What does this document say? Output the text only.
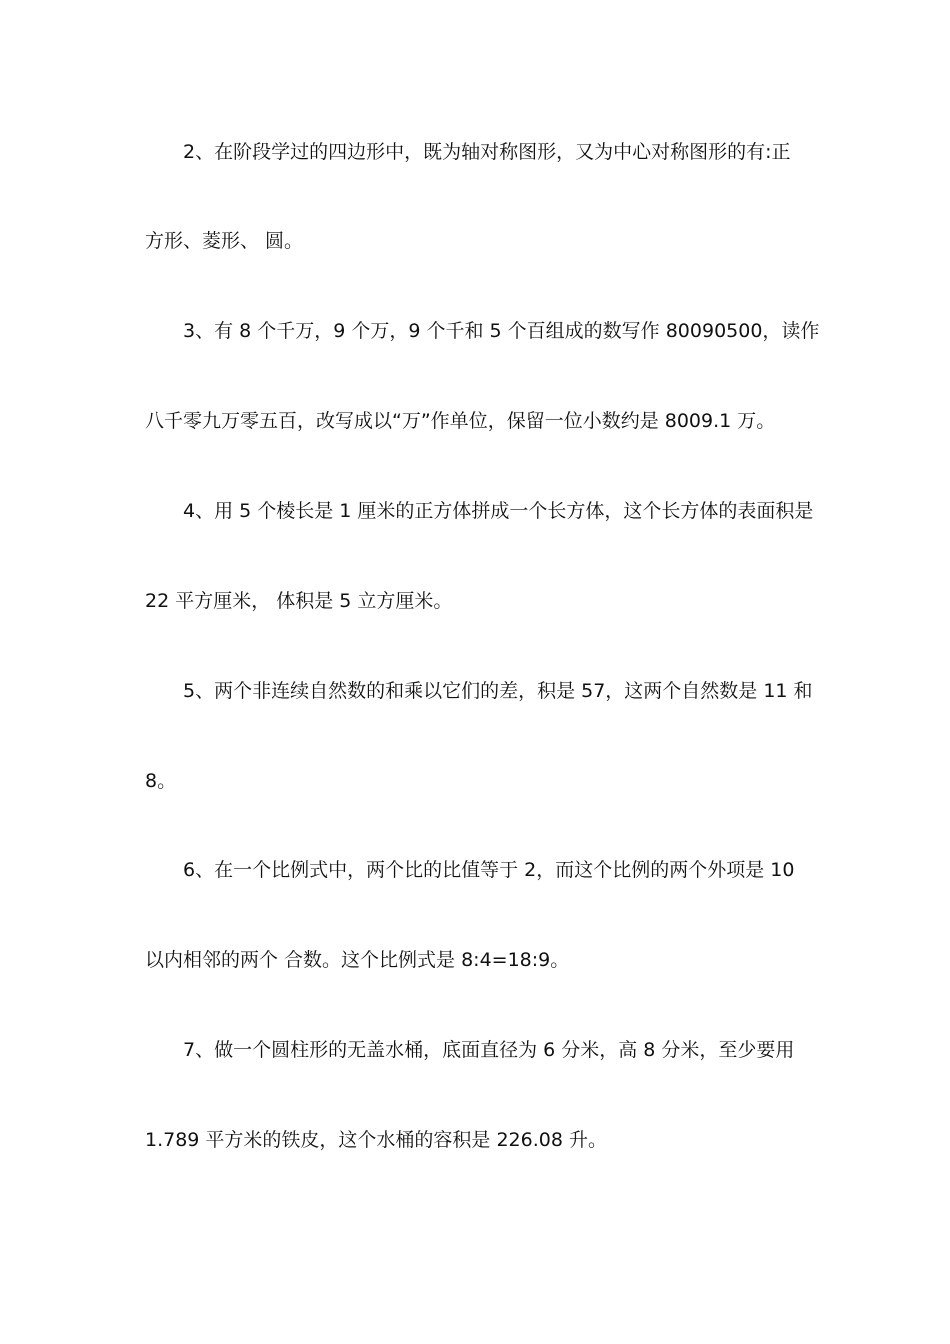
2、在阶段学过的四边形中，既为轴对称图形，又为中心对称图形的有:正
方形、菱形、 圆。
3、有 8 个千万，9 个万，9 个千和 5 个百组成的数写作 80090500，读作
八千零九万零五百，改写成以“万”作单位，保留一位小数约是 8009.1 万。
4、用 5 个棱长是 1 厘米的正方体拼成一个长方体，这个长方体的表面积是
22 平方厘米， 体积是 5 立方厘米。
5、两个非连续自然数的和乘以它们的差，积是 57，这两个自然数是 11 和
8。
6、在一个比例式中，两个比的比值等于 2，而这个比例的两个外项是 10
以内相邻的两个 合数。这个比例式是 8:4=18:9。
7、做一个圆柱形的无盖水桶，底面直径为 6 分米，高 8 分米，至少要用
1.789 平方米的铁皮，这个水桶的容积是 226.08 升。
